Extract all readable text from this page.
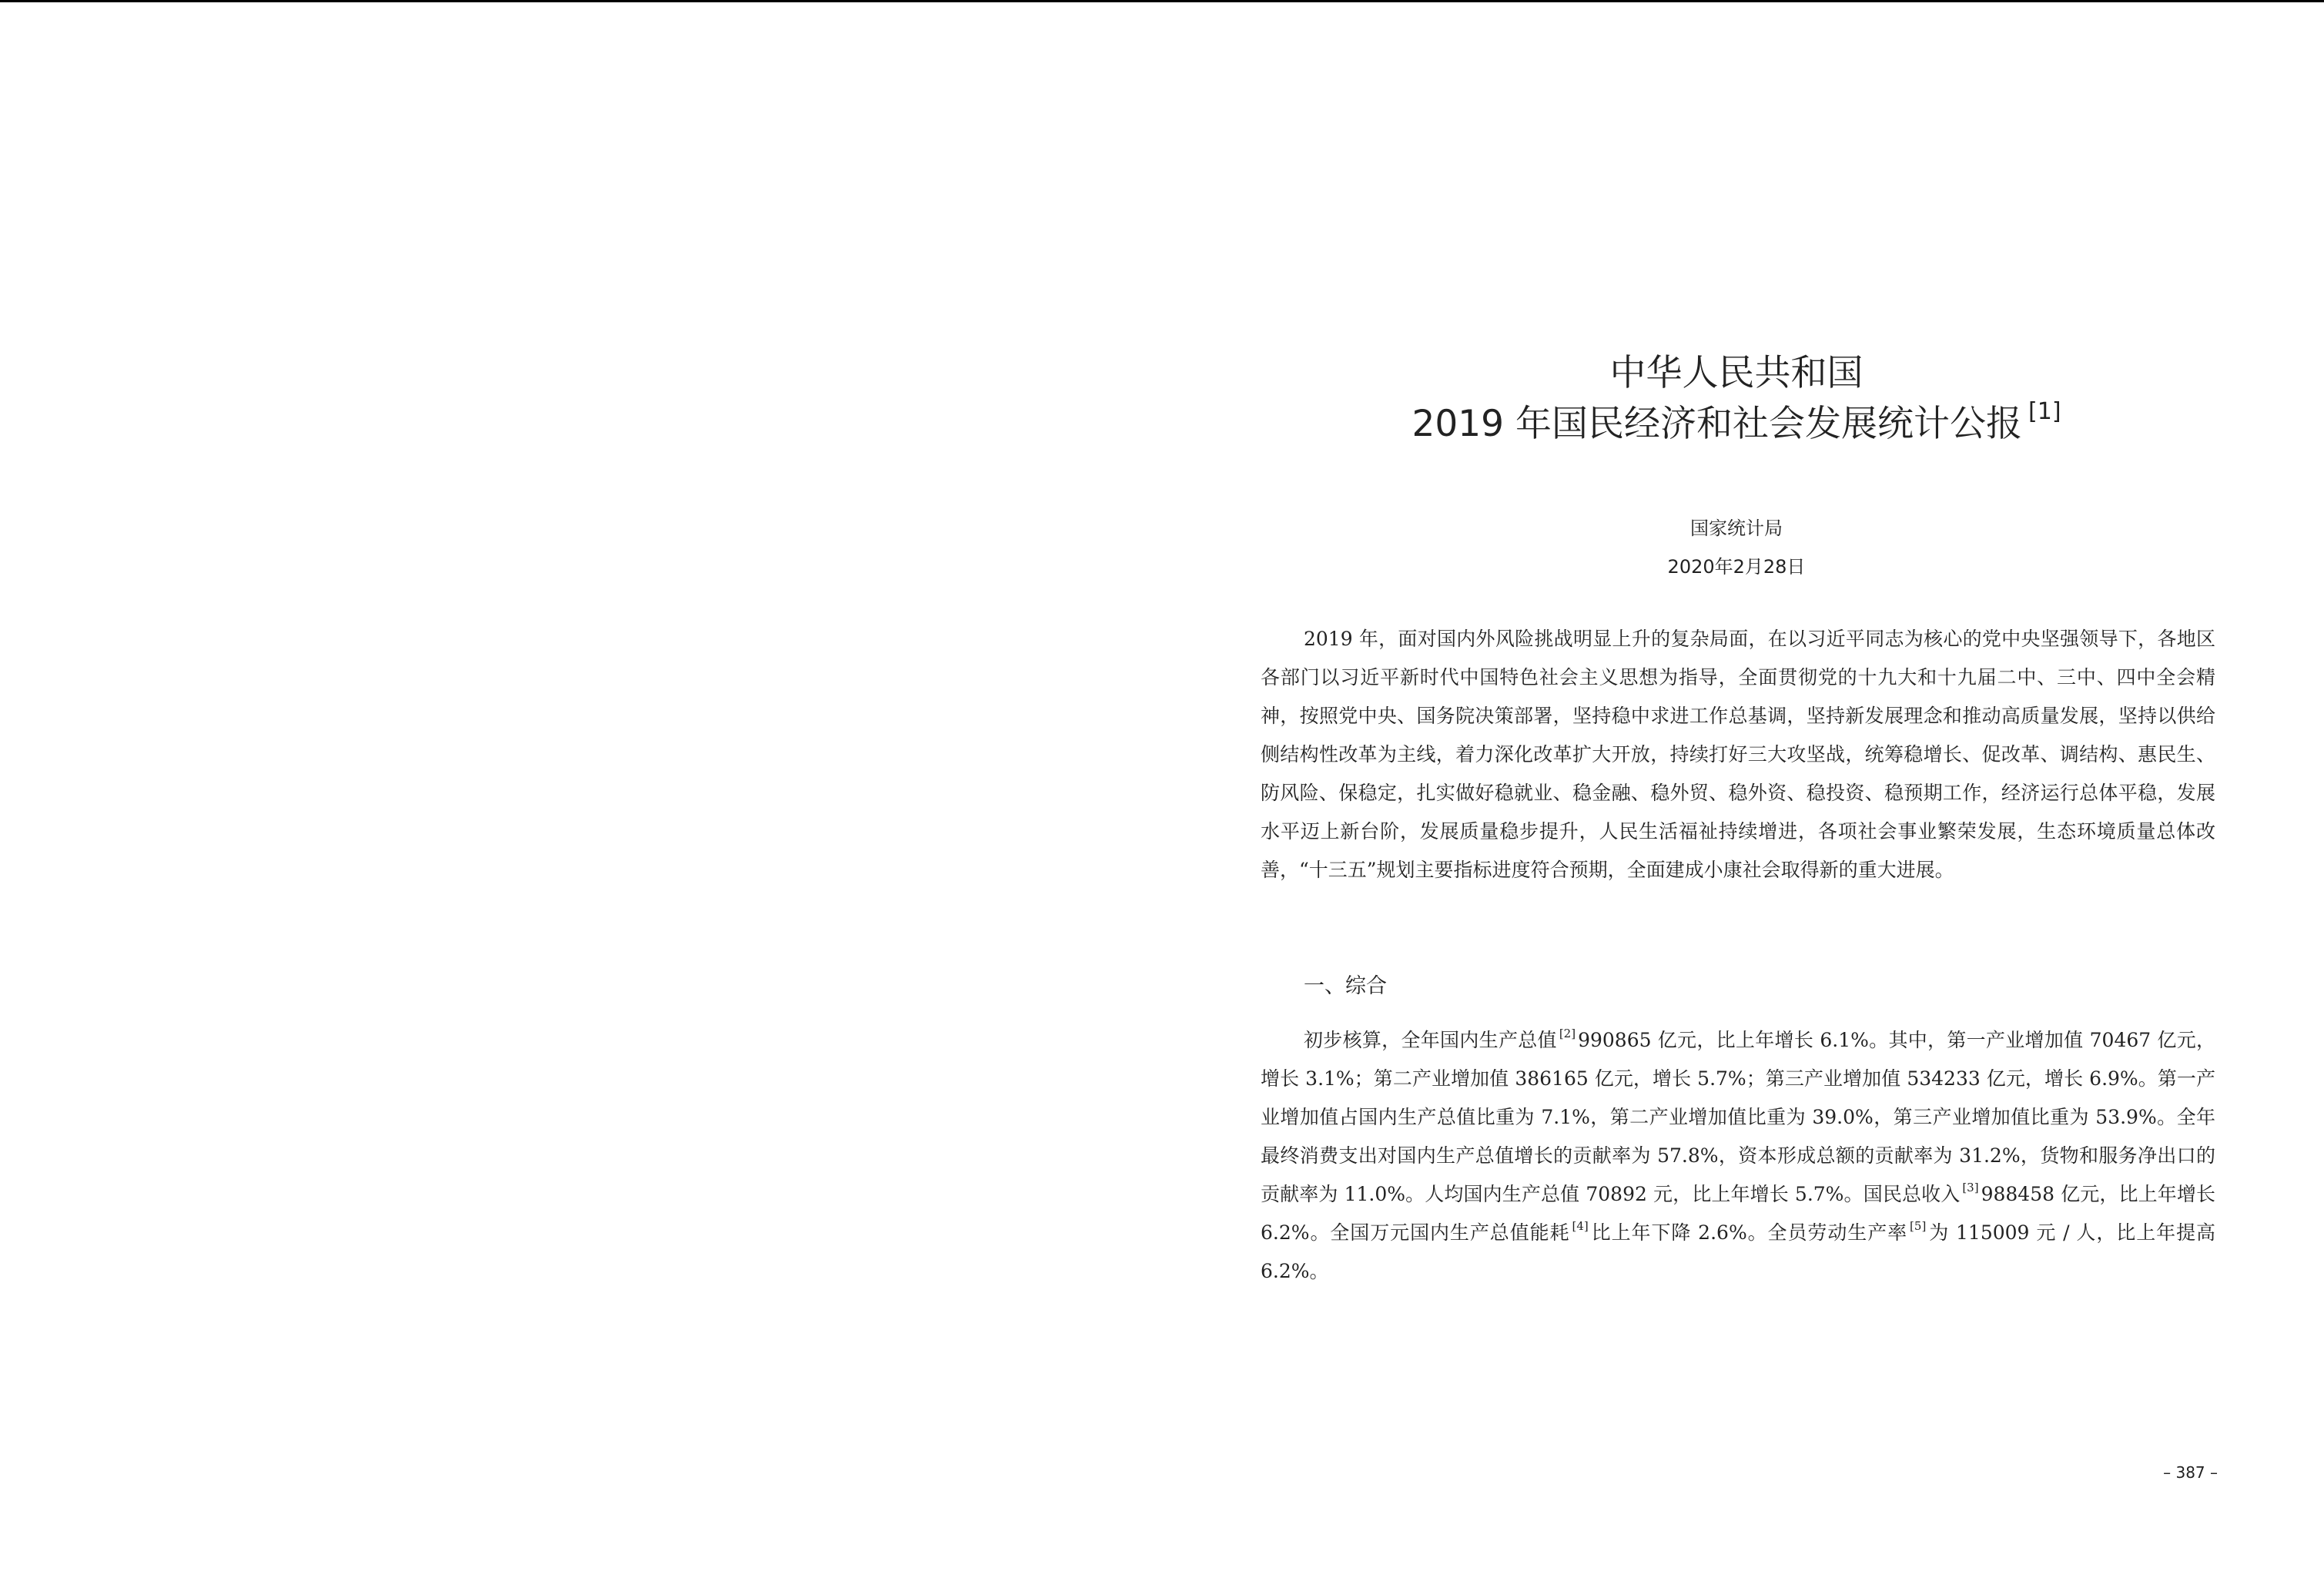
中华人民共和国
2019 年国民经济和社会发展统计公报 [1]
国家统计局
2020年2月28日
2019 年，面对国内外风险挑战明显上升的复杂局面，在以习近平同志为核心的党中央坚强领导下，各地区各部门以习近平新时代中国特色社会主义思想为指导，全面贯彻党的十九大和十九届二中、三中、四中全会精神，按照党中央、国务院决策部署，坚持稳中求进工作总基调，坚持新发展理念和推动高质量发展，坚持以供给侧结构性改革为主线，着力深化改革扩大开放，持续打好三大攻坚战，统筹稳增长、促改革、调结构、惠民生、防风险、保稳定，扎实做好稳就业、稳金融、稳外贸、稳外资、稳投资、稳预期工作，经济运行总体平稳，发展水平迈上新台阶，发展质量稳步提升，人民生活福祉持续增进，各项社会事业繁荣发展，生态环境质量总体改善，“十三五”规划主要指标进度符合预期，全面建成小康社会取得新的重大进展。
一、综合
初步核算，全年国内生产总值 [2] 990865 亿元，比上年增长 6.1%。其中，第一产业增加值 70467 亿元，增长 3.1%；第二产业增加值 386165 亿元，增长 5.7%；第三产业增加值 534233 亿元，增长 6.9%。第一产业增加值占国内生产总值比重为 7.1%，第二产业增加值比重为 39.0%，第三产业增加值比重为 53.9%。全年最终消费支出对国内生产总值增长的贡献率为 57.8%，资本形成总额的贡献率为 31.2%，货物和服务净出口的贡献率为 11.0%。人均国内生产总值 70892 元，比上年增长 5.7%。国民总收入 [3] 988458 亿元，比上年增长 6.2%。全国万元国内生产总值能耗 [4] 比上年下降 2.6%。全员劳动生产率 [5] 为 115009 元 / 人，比上年提高 6.2%。
– 387 –
